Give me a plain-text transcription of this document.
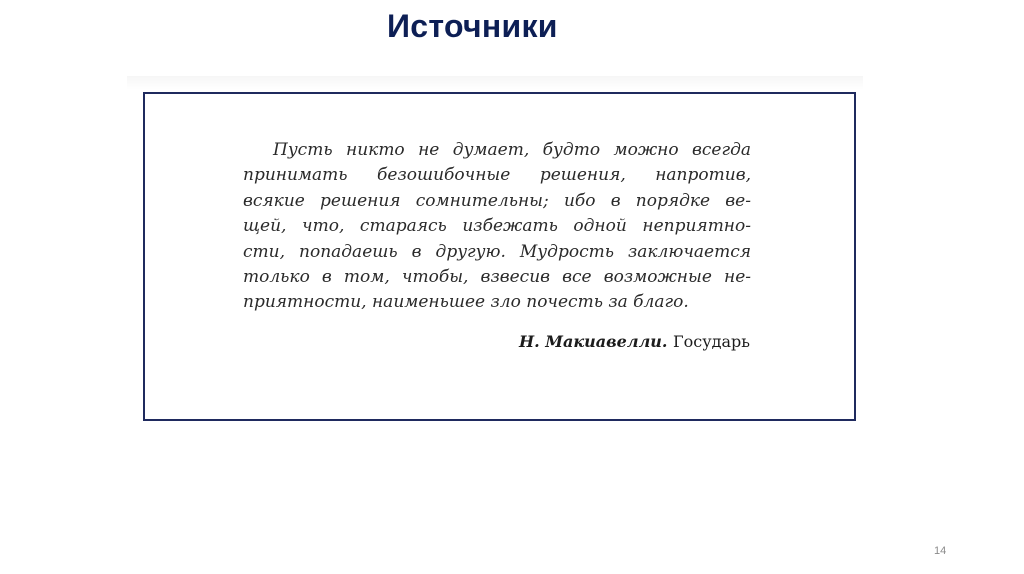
Источники
Пусть никто не думает, будто можно всегда
принимать безошибочные решения, напротив,
всякие решения сомнительны; ибо в порядке ве-
щей, что, стараясь избежать одной неприятно-
сти, попадаешь в другую. Мудрость заключается
только в том, чтобы, взвесив все возможные не-
приятности, наименьшее зло почесть за благо.
Н. Макиавелли. Государь
14
